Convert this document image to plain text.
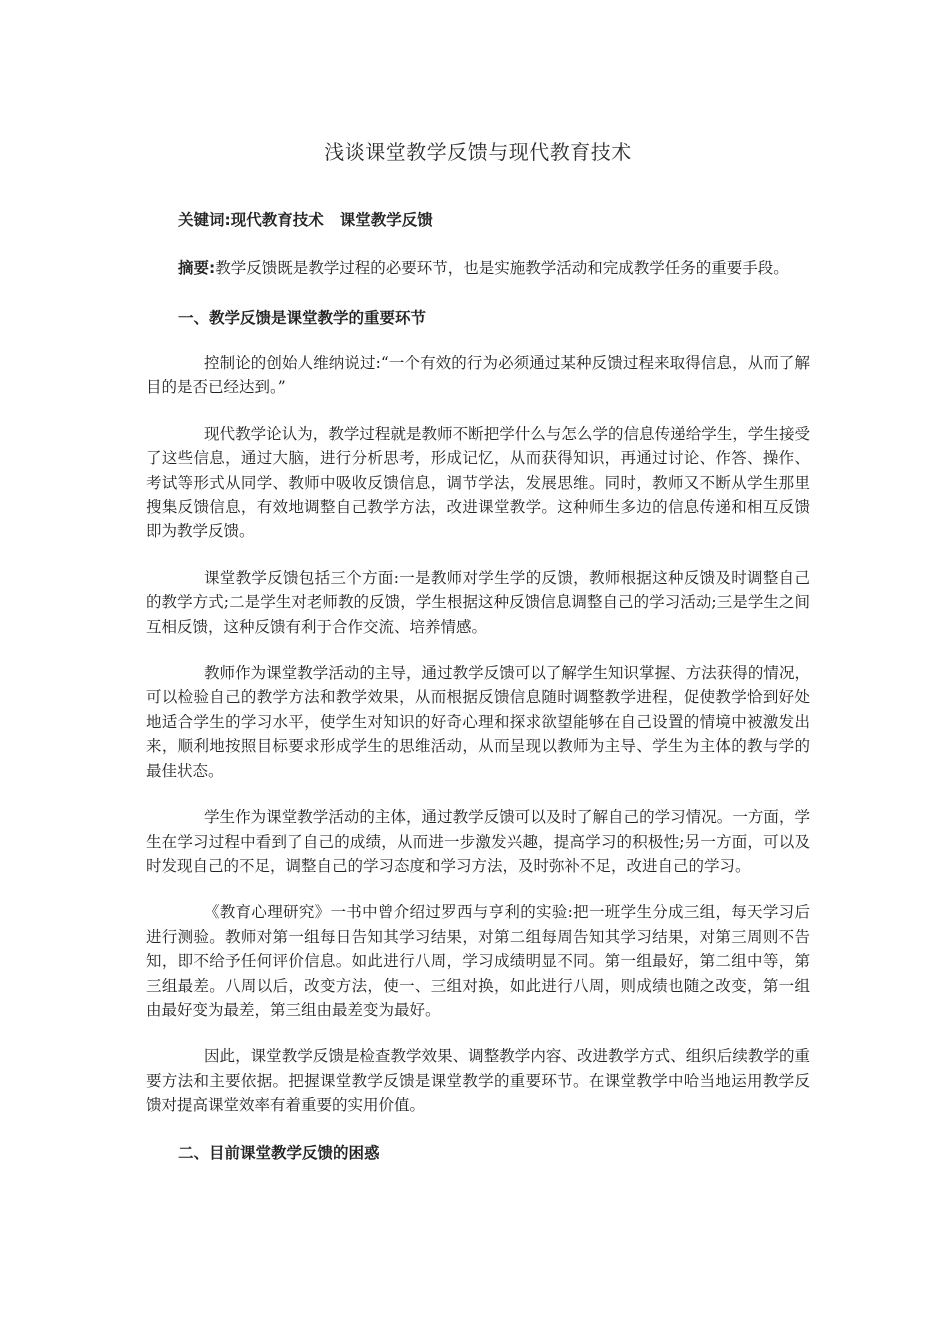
浅谈课堂教学反馈与现代教育技术
关键词:现代教育技术 课堂教学反馈
摘要:教学反馈既是教学过程的必要环节，也是实施教学活动和完成教学任务的重要手段。
一、教学反馈是课堂教学的重要环节

控制论的创始人维纳说过:“一个有效的行为必须通过某种反馈过程来取得信息，从而了解目的是否已经达到。”

现代教学论认为，教学过程就是教师不断把学什么与怎么学的信息传递给学生，学生接受了这些信息，通过大脑，进行分析思考，形成记忆，从而获得知识，再通过讨论、作答、操作、考试等形式从同学、教师中吸收反馈信息，调节学法，发展思维。同时，教师又不断从学生那里搜集反馈信息，有效地调整自己教学方法，改进课堂教学。这种师生多边的信息传递和相互反馈即为教学反馈。

课堂教学反馈包括三个方面:一是教师对学生学的反馈，教师根据这种反馈及时调整自己的教学方式;二是学生对老师教的反馈，学生根据这种反馈信息调整自己的学习活动;三是学生之间互相反馈，这种反馈有利于合作交流、培养情感。

教师作为课堂教学活动的主导，通过教学反馈可以了解学生知识掌握、方法获得的情况，可以检验自己的教学方法和教学效果，从而根据反馈信息随时调整教学进程，促使教学恰到好处地适合学生的学习水平，使学生对知识的好奇心理和探求欲望能够在自己设置的情境中被激发出来，顺利地按照目标要求形成学生的思维活动，从而呈现以教师为主导、学生为主体的教与学的最佳状态。

学生作为课堂教学活动的主体，通过教学反馈可以及时了解自己的学习情况。一方面，学生在学习过程中看到了自己的成绩，从而进一步激发兴趣，提高学习的积极性;另一方面，可以及时发现自己的不足，调整自己的学习态度和学习方法，及时弥补不足，改进自己的学习。

《教育心理研究》一书中曾介绍过罗西与亨利的实验:把一班学生分成三组，每天学习后进行测验。教师对第一组每日告知其学习结果，对第二组每周告知其学习结果，对第三周则不告知，即不给予任何评价信息。如此进行八周，学习成绩明显不同。第一组最好，第二组中等，第三组最差。八周以后，改变方法，使一、三组对换，如此进行八周，则成绩也随之改变，第一组由最好变为最差，第三组由最差变为最好。

因此，课堂教学反馈是检查教学效果、调整教学内容、改进教学方式、组织后续教学的重要方法和主要依据。把握课堂教学反馈是课堂教学的重要环节。在课堂教学中哈当地运用教学反馈对提高课堂效率有着重要的实用价值。

二、目前课堂教学反馈的困惑
